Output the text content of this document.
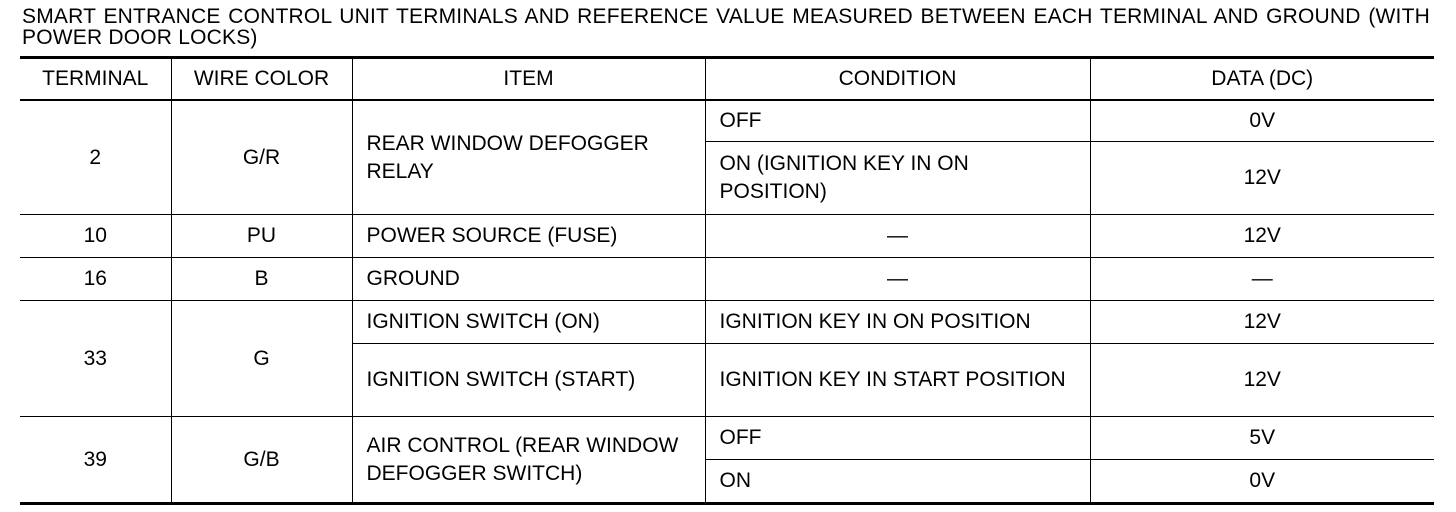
SMART ENTRANCE CONTROL UNIT TERMINALS AND REFERENCE VALUE MEASURED BETWEEN EACH TERMINAL AND GROUND (WITH POWER DOOR LOCKS)
TERMINAL	WIRE COLOR	ITEM	CONDITION	DATA (DC)
2	G/R	REAR WINDOW DEFOGGER RELAY	OFF	0V
			ON (IGNITION KEY IN ON POSITION)	12V
10	PU	POWER SOURCE (FUSE)	—	12V
16	B	GROUND	—	—
33	G	IGNITION SWITCH (ON)	IGNITION KEY IN ON POSITION	12V
		IGNITION SWITCH (START)	IGNITION KEY IN START POSITION	12V
39	G/B	AIR CONTROL (REAR WINDOW DEFOGGER SWITCH)	OFF	5V
			ON	0V
